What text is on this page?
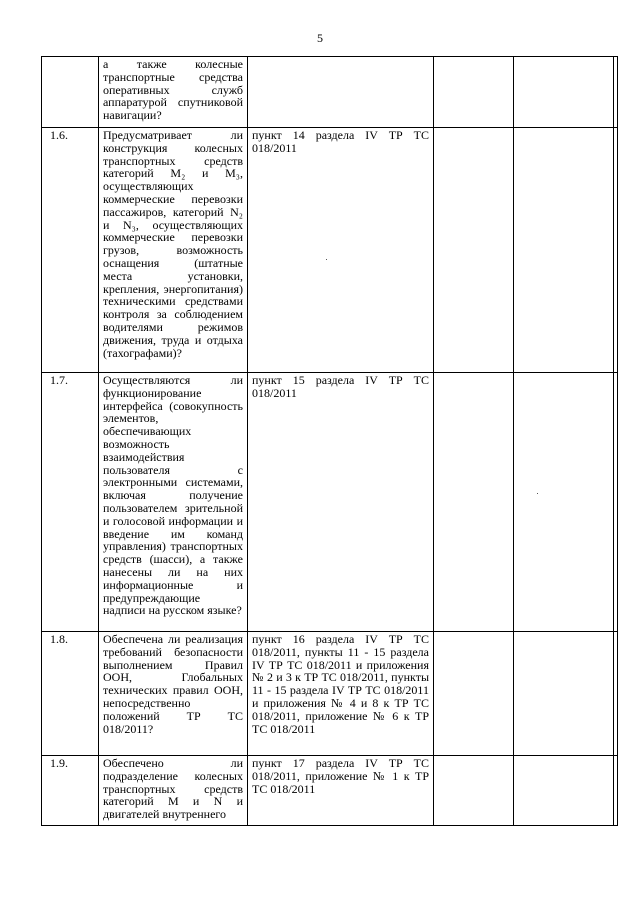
5
	а также колесные транспортные средства оперативных служб аппаратурой спутниковой навигации?				
1.6.	Предусматривает ли конструкция колесных транспортных средств категорий M₂ и M₃, осуществляющих коммерческие перевозки пассажиров, категорий N₂ и N₃, осуществляющих коммерческие перевозки грузов, возможность оснащения (штатные места установки, крепления, энергопитания) техническими средствами контроля за соблюдением водителями режимов движения, труда и отдыха (тахографами)?	пункт 14 раздела IV ТР ТС 018/2011			
1.7.	Осуществляются ли функционирование интерфейса (совокупность элементов, обеспечивающих возможность взаимодействия пользователя с электронными системами, включая получение пользователем зрительной и голосовой информации и введение им команд управления) транспортных средств (шасси), а также нанесены ли на них информационные и предупреждающие надписи на русском языке?	пункт 15 раздела IV ТР ТС 018/2011			
1.8.	Обеспечена ли реализация требований безопасности выполнением Правил ООН, Глобальных технических правил ООН, непосредственно положений ТР ТС 018/2011?	пункт 16 раздела IV ТР ТС 018/2011, пункты 11 - 15 раздела IV ТР ТС 018/2011 и приложения № 2 и 3 к ТР ТС 018/2011, пункты 11 - 15 раздела IV ТР ТС 018/2011 и приложения № 4 и 8 к ТР ТС 018/2011, приложение № 6 к ТР ТС 018/2011			
1.9.	Обеспечено ли подразделение колесных транспортных средств категорий M и N и двигателей внутреннего	пункт 17 раздела IV ТР ТС 018/2011, приложение № 1 к ТР ТС 018/2011			
